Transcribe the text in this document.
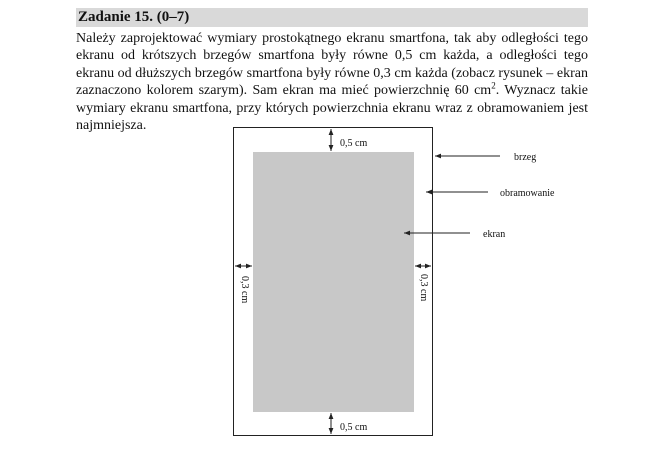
Zadanie 15. (0–7)

Należy zaprojektować wymiary prostokątnego ekranu smartfona, tak aby odległości tego ekranu od krótszych brzegów smartfona były równe 0,5 cm każda, a odległości tego ekranu od dłuższych brzegów smartfona były równe 0,3 cm każda (zobacz rysunek – ekran zaznaczono kolorem szarym). Sam ekran ma mieć powierzchnię 60 $cm^2$. Wyznacz takie wymiary ekranu smartfona, przy których powierzchnia ekranu wraz z obramowaniem jest najmniejsza.

0,5 cm
0,5 cm
0,3 cm	0,3 cm
brzeg
obramowanie
ekran
